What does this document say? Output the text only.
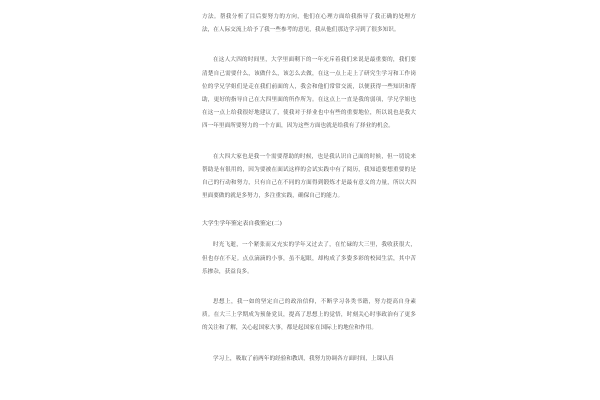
方法。帮我分析了目后要努力的方向，他们在心理方面给我指导了我正确的处理方法，在人际交流上给予了我一些参考的意见，我从他们那边学习到了很多知识。

在这人大四的时间里，大学里面剩下的一年充斥着我们来说是最重要的，我们要清楚自己需要什么，该做什么，该怎么去做，在这一点上走上了研究生学习和工作岗位的学兄学姐们是走在我们前面的人，我会和他们常常交流，以便获得一些知识和帮助，更好的指导自己在大四里面的所作所为。在这点上一直是我的弱项，学兄学姐也在这一点上给我很好地建议了，使我对于择业也中有些的重要地位，所以说也是我大四一年里面所要努力的一个方面，因为这些方面也就是给我有了择业的机会。

在大四大家也是我一个需要帮助的时候，也是我认识自己面的时候，但一切说来帮助是有很用的，因为要被在面试这样的会试实践中有了阅历，我知道要想重要的是自己的行动和努力，只有自己在不同的方面得到锻炼才是最有意义的力量，所以大四里面要做的就是多努力，多注重实践，确保自己的能力。

大学生学年鉴定表自我鉴定(二)

时光飞逝，一个紧张而又充实的学年又过去了，在忙碌的大三里，我收获很大，但也存在不足。点点滴滴的小事，虽不起眼，却构成了多姿多彩的校园生活，其中苦乐掺杂，获益良多。

思想上，我一如的坚定自己的政治信仰，不断学习各类书籍，努力提高自身素质。在大三上学期成为预备党员，提高了思想上的觉悟，时刻关心时事政治有了更多的关注和了解，关心起国家大事，都是起国家在国际上的地位和作用。

学习上，吸取了前两年的经验和教训，我努力协调各方面时间，上课认真
